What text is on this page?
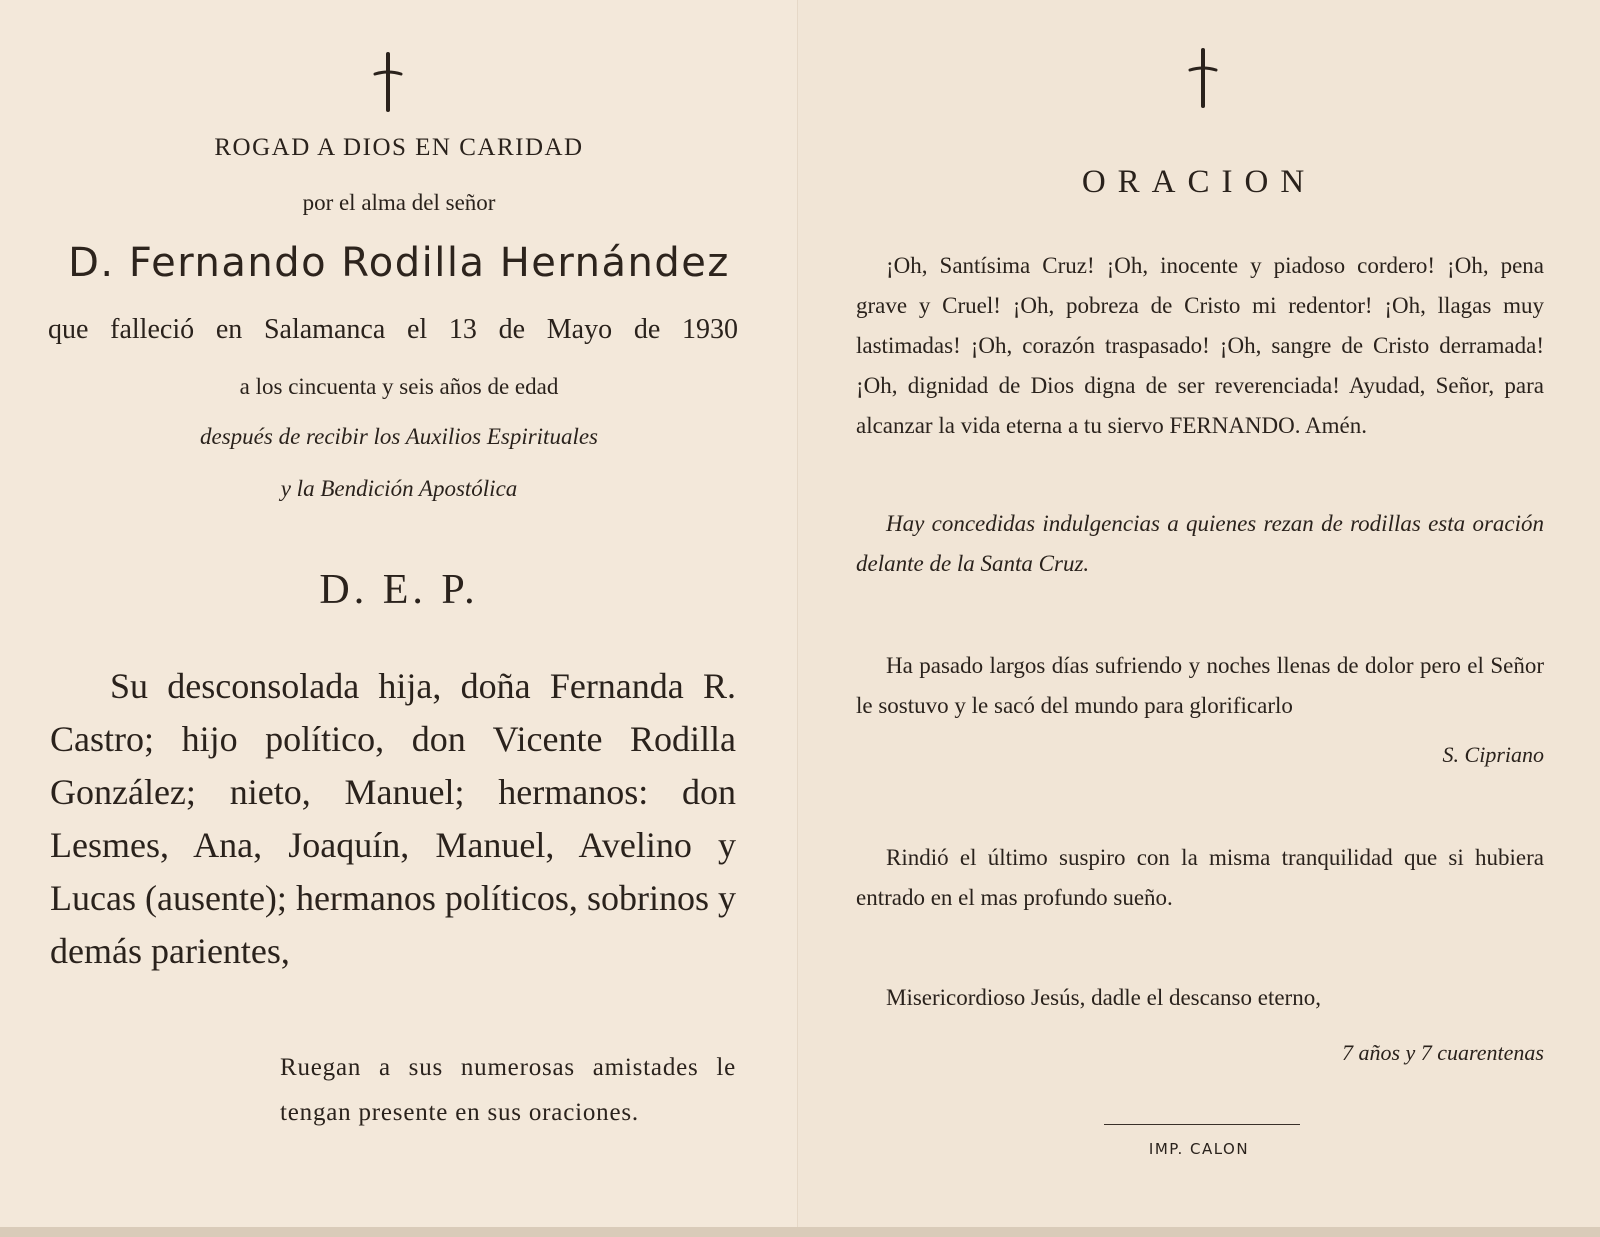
ROGAD A DIOS EN CARIDAD
por el alma del señor
D. Fernando Rodilla Hernández
que falleció en Salamanca el 13 de Mayo de 1930
a los cincuenta y seis años de edad
después de recibir los Auxilios Espirituales
y la Bendición Apostólica
D. E. P.
Su desconsolada hija, doña Fernanda R. Castro; hijo político, don Vicente Rodilla González; nieto, Manuel; hermanos: don Lesmes, Ana, Joaquín, Manuel, Avelino y Lucas (ausente); hermanos políticos, sobrinos y demás parientes,
Ruegan a sus numerosas amistades le tengan presente en sus oraciones.
ORACION
¡Oh, Santísima Cruz! ¡Oh, inocente y piadoso cordero! ¡Oh, pena grave y Cruel! ¡Oh, pobreza de Cristo mi redentor! ¡Oh, llagas muy lastimadas! ¡Oh, corazón traspasado! ¡Oh, sangre de Cristo derramada! ¡Oh, dignidad de Dios digna de ser reverenciada! Ayudad, Señor, para alcanzar la vida eterna a tu siervo FERNANDO. Amén.
Hay concedidas indulgencias a quienes rezan de rodillas esta oración delante de la Santa Cruz.
Ha pasado largos días sufriendo y noches llenas de dolor pero el Señor le sostuvo y le sacó del mundo para glorificarlo
S. Cipriano
Rindió el último suspiro con la misma tranquilidad que si hubiera entrado en el mas profundo sueño.
Misericordioso Jesús, dadle el descanso eterno,
7 años y 7 cuarentenas
IMP. CALON
